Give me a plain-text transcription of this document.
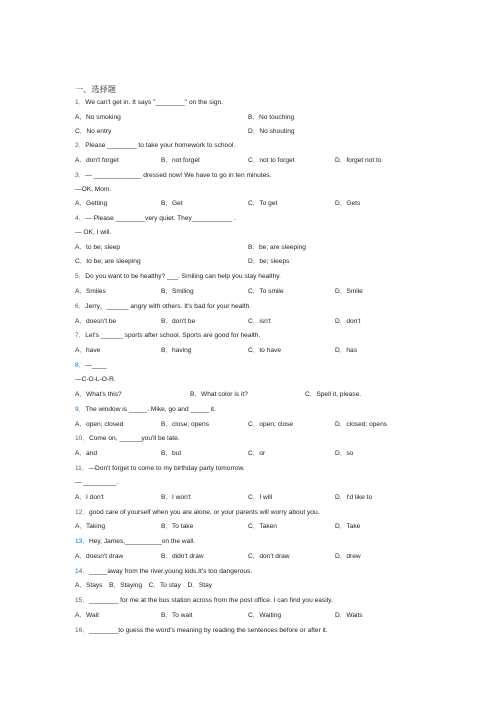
一、选择题
1．We can't get in. It says "________" on the sign.
A．No smoking	B．No touching
C．No entry	D．No shouting
2．Please ________ to take your homework to school.
A．don't forget	B．not forget	C．not to forget	D．forget not to
3．— _____________ dressed now! We have to go in ten minutes.
—OK, Mom.
A．Getting	B．Get	C．To get	D．Gets
4．— Please ________very quiet. They___________ .
— OK, I will.
A．to be; sleep	B．be; are sleeping
C．to be; are sleeping	D．be; sleeps
5．Do you want to be healthy? ___. Smiling can help you stay healthy.
A．Smiles	B．Smiling	C．To smile	D．Smile
6．Jerry，______ angry with others. It's bad for your health.
A．doesn't be	B．don't be	C．isn't	D．don't
7．Let's ______ sports after school. Sports are good for health.
A．have	B．having	C．to have	D．has
8．—____
—C-O-L-O-R.
A．What's this?	B．What color is it?	C．Spell it, please.
9．The window is _____. Mike, go and _____ it.
A．open; closed	B．close; opens	C．open; close	D．closed; opens
10．Come on, ______you'll be late.
A．and	B．but	C．or	D．so
11．—Don't forget to come to my birthday party tomorrow.
— _________.
A．I don't	B．I won't	C．I will	D．I'd like to
12．good care of yourself when you are alone, or your parents will worry about you.
A．Taking	B．To take	C．Taken	D．Take
13．Hey, James,__________on the wall.
A．doesn't draw	B．didn't draw	C．don't draw	D．drew
14．_____away from the river,young kids.It's too dangerous.
A．Stays　B．Staying　C．To stay　D．Stay
15．________ for me at the bus station across from the post office. I can find you easily.
A．Wait	B．To wait	C．Waiting	D．Waits
16．________to guess the word's meaning by reading the sentences before or after it.
